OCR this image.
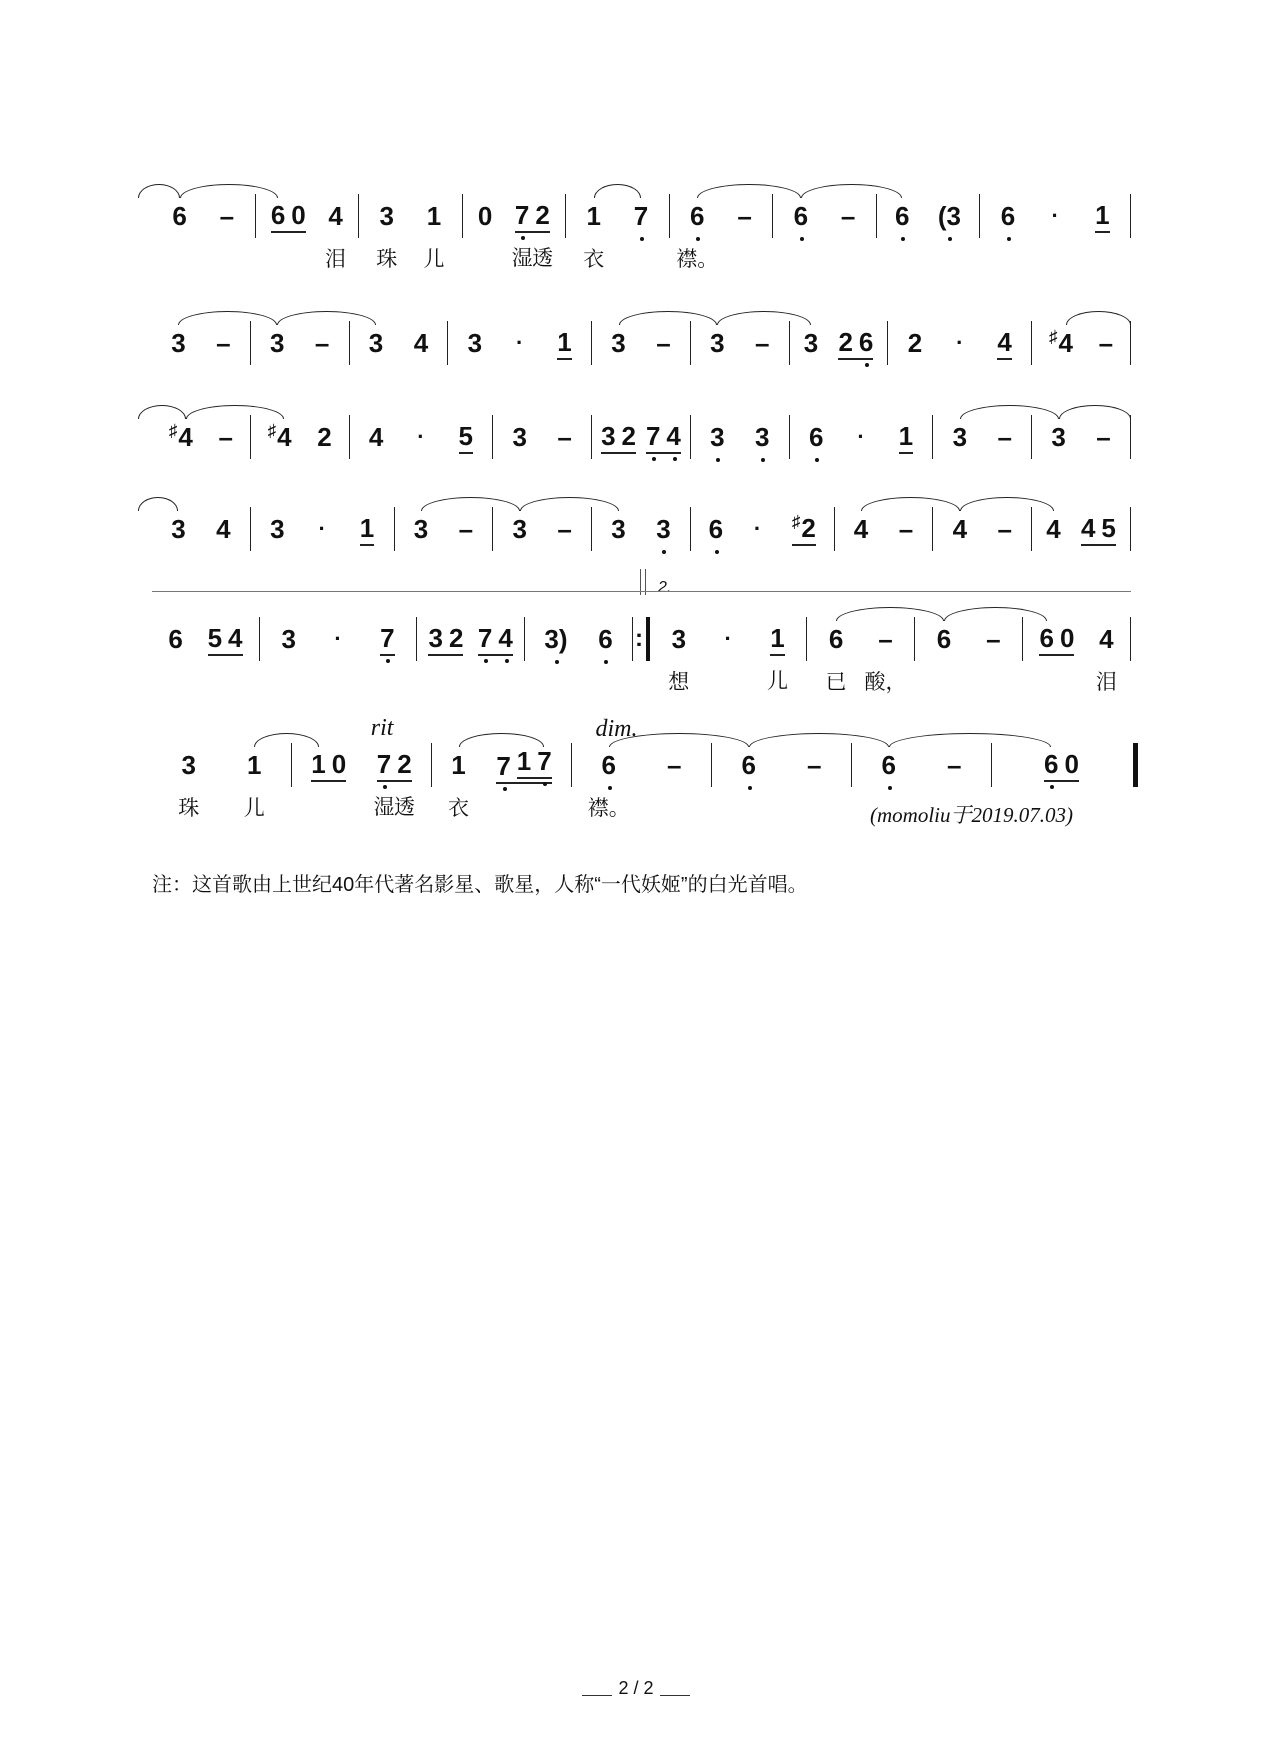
6 – 6 0 4
泪
3
珠
1
儿
0 7
湿
2
透
1
衣
7 6
襟。
– 6 – 6 ( 3 6 · 1
3 – 3 – 3 4 3 · 1 3 – 3 – 3 2 6 2 · 4 ♯ 4 –
♯ 4 – ♯ 4 2 4 · 5 3 – 3 2 7 4 3 3 6 · 1 3 – 3 –
3 4 3 · 1 3 – 3 – 3 3 6 · ♯ 2 4 – 4 – 4 4 5
6 5 4 3 · 7 3 2 7 4 3 ) 6 : 3
想
· 1
儿
2.
6
已
–
酸，
6 – 6 0 4
泪
3
珠
1
儿
1 0 7
湿
rit
2
透
1
衣
7 1 7 6
襟。
dim.
– 6 – 6 –	6 0
(momoliu于2019.07.03)
注：这首歌由上世纪40年代著名影星、歌星，人称“一代妖姬”的白光首唱。
2 / 2
